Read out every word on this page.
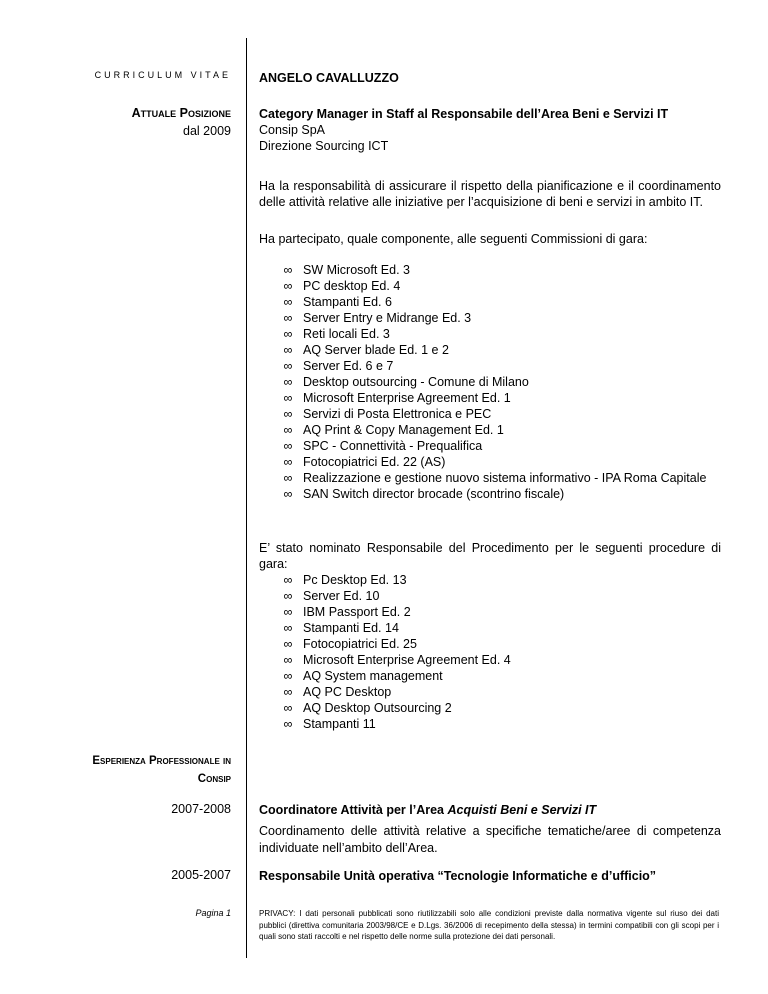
CURRICULUM VITAE
Attuale Posizione
dal 2009
Esperienza Professionale in
Consip
2007-2008
2005-2007
Pagina 1
ANGELO CAVALLUZZO
Category Manager in Staff al Responsabile dell’Area Beni e Servizi IT
Consip SpA
Direzione Sourcing ICT
Ha la responsabilità di assicurare il rispetto della pianificazione e il coordinamento delle attività relative alle iniziative per l’acquisizione di beni e servizi in ambito IT.
Ha partecipato, quale componente, alle seguenti Commissioni di gara:
∞ SW Microsoft Ed. 3
∞ PC desktop Ed. 4
∞ Stampanti Ed. 6
∞ Server Entry e Midrange Ed. 3
∞ Reti locali Ed. 3
∞ AQ Server blade Ed. 1 e 2
∞ Server Ed. 6 e 7
∞ Desktop outsourcing - Comune di Milano
∞ Microsoft Enterprise Agreement Ed. 1
∞ Servizi di Posta Elettronica e PEC
∞ AQ Print & Copy Management Ed. 1
∞ SPC - Connettività - Prequalifica
∞ Fotocopiatrici Ed. 22 (AS)
∞ Realizzazione e gestione nuovo sistema informativo - IPA Roma Capitale
∞ SAN Switch director brocade (scontrino fiscale)
E’ stato nominato Responsabile del Procedimento per le seguenti procedure di gara:
∞ Pc Desktop Ed. 13
∞ Server Ed. 10
∞ IBM Passport Ed. 2
∞ Stampanti Ed. 14
∞ Fotocopiatrici Ed. 25
∞ Microsoft Enterprise Agreement Ed. 4
∞ AQ System management
∞ AQ PC Desktop
∞ AQ Desktop Outsourcing 2
∞ Stampanti 11
Coordinatore Attività per l’Area Acquisti Beni e Servizi IT
Coordinamento delle attività relative a specifiche tematiche/aree di competenza individuate nell’ambito dell’Area.
Responsabile Unità operativa “Tecnologie Informatiche e d’ufficio”
PRIVACY: I dati personali pubblicati sono riutilizzabili solo alle condizioni previste dalla normativa vigente sul riuso dei dati pubblici (direttiva comunitaria 2003/98/CE e D.Lgs. 36/2006 di recepimento della stessa) in termini compatibili con gli scopi per i quali sono stati raccolti e nel rispetto delle norme sulla protezione dei dati personali.
